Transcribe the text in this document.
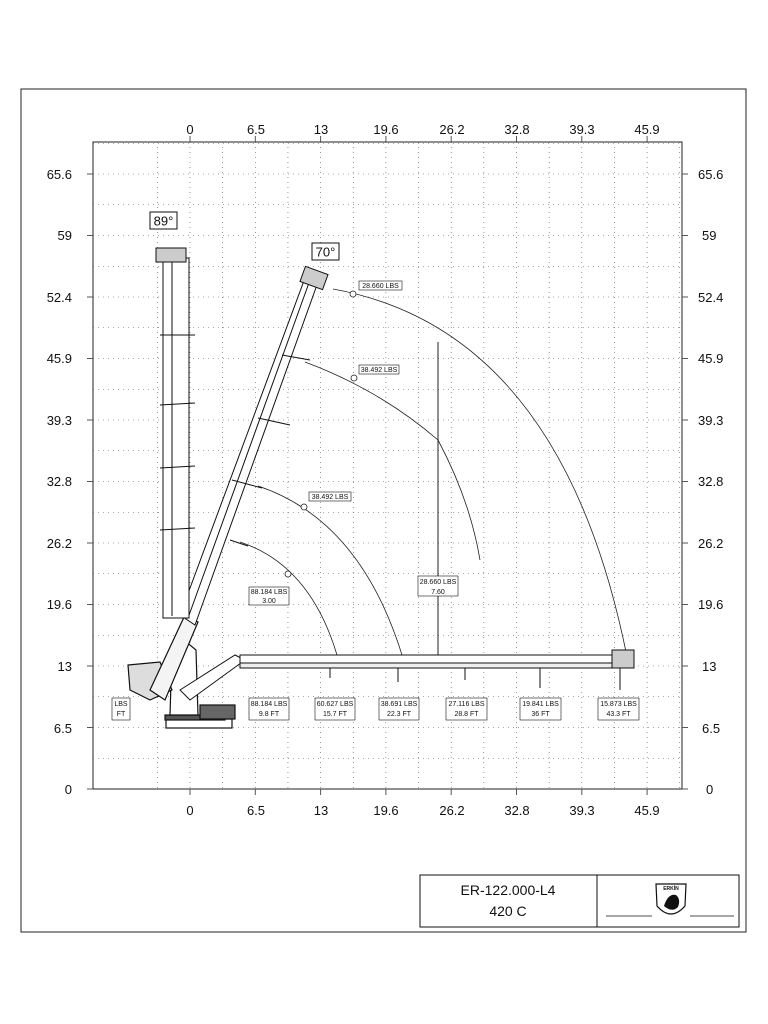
0	6.5	13	19.6	26.2	32.8	39.3	45.9
0	6.5	13	19.6	26.2	32.8	39.3	45.9
0
6.5
13
19.6
26.2
32.8
39.3
45.9
52.4
59
65.6
0
6.5
13
19.6
26.2
32.8
39.3
45.9
52.4
59
65.6
89°
70°
28.660 LBS
38.492 LBS
38.492 LBS
88.184 LBS
3.00
28.660 LBS
7.60
LBS
FT
88.184 LBS
9.8 FT
60.627 LBS
15.7 FT
38.691 LBS
22.3 FT
27.116 LBS
28.8 FT
19.841 LBS
36 FT
15.873 LBS
43.3 FT
ER-122.000-L4
420 C
ERKİN
